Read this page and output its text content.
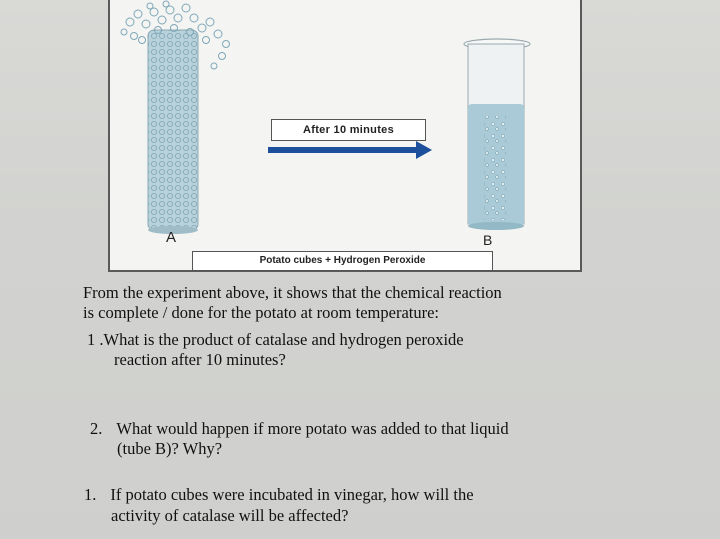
After 10 minutes
A	B
Potato cubes + Hydrogen Peroxide
From the experiment above, it shows that the chemical reaction
is complete / done for the potato at room temperature:
1 .What is the product of catalase and hydrogen peroxide
reaction after 10 minutes?
2. What would happen if more potato was added to that liquid
(tube B)? Why?
1. If potato cubes were incubated in vinegar, how will the
activity of catalase will be affected?
